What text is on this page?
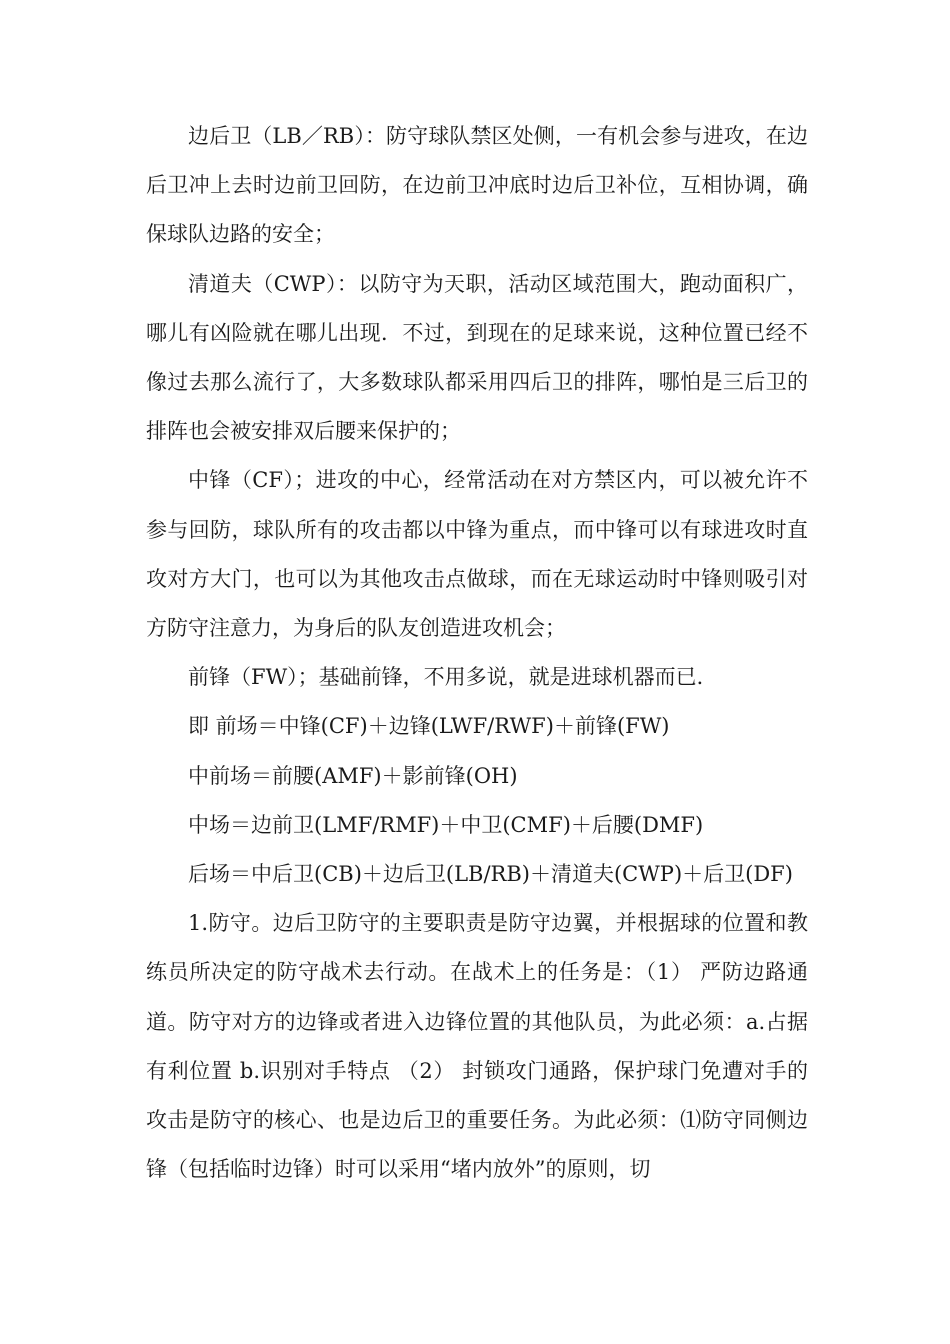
边后卫（LB／RB）：防守球队禁区处侧，一有机会参与进攻，在边后卫冲上去时边前卫回防，在边前卫冲底时边后卫补位，互相协调，确保球队边路的安全；

清道夫（CWP）：以防守为天职，活动区域范围大，跑动面积广，哪儿有凶险就在哪儿出现．不过，到现在的足球来说，这种位置已经不像过去那么流行了，大多数球队都采用四后卫的排阵，哪怕是三后卫的排阵也会被安排双后腰来保护的；

中锋（CF）；进攻的中心，经常活动在对方禁区内，可以被允许不参与回防，球队所有的攻击都以中锋为重点，而中锋可以有球进攻时直攻对方大门，也可以为其他攻击点做球，而在无球运动时中锋则吸引对方防守注意力，为身后的队友创造进攻机会；

前锋（FW）；基础前锋，不用多说，就是进球机器而已．

即 前场＝中锋(CF)＋边锋(LWF/RWF)＋前锋(FW)

中前场＝前腰(AMF)＋影前锋(OH)

中场＝边前卫(LMF/RMF)＋中卫(CMF)＋后腰(DMF)

后场＝中后卫(CB)＋边后卫(LB/RB)＋清道夫(CWP)＋后卫(DF)

1.防守。边后卫防守的主要职责是防守边翼，并根据球的位置和教练员所决定的防守战术去行动。在战术上的任务是：（1） 严防边路通道。防守对方的边锋或者进入边锋位置的其他队员，为此必须：a.占据有利位置 b.识别对手特点 （2） 封锁攻门通路，保护球门免遭对手的攻击是防守的核心、也是边后卫的重要任务。为此必须：⑴防守同侧边锋（包括临时边锋）时可以采用“堵内放外”的原则，切
